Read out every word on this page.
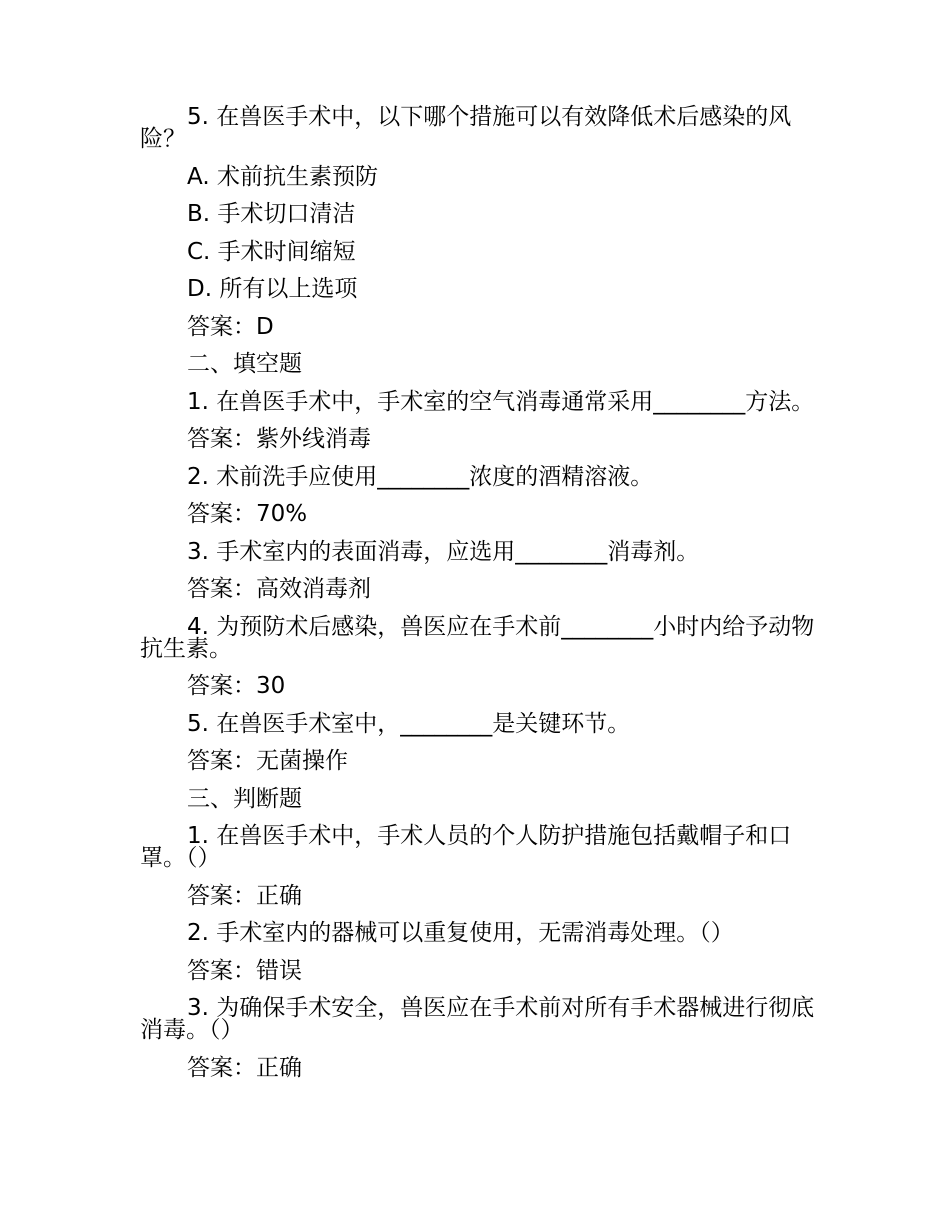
5. 在兽医手术中，以下哪个措施可以有效降低术后感染的风险？

A. 术前抗生素预防

B. 手术切口清洁

C. 手术时间缩短

D. 所有以上选项

答案：D

二、填空题

1. 在兽医手术中，手术室的空气消毒通常采用________方法。

答案：紫外线消毒

2. 术前洗手应使用________浓度的酒精溶液。

答案：70%

3. 手术室内的表面消毒，应选用________消毒剂。

答案：高效消毒剂

4. 为预防术后感染，兽医应在手术前________小时内给予动物抗生素。

答案：30

5. 在兽医手术室中，________是关键环节。

答案：无菌操作

三、判断题

1. 在兽医手术中，手术人员的个人防护措施包括戴帽子和口罩。（）

答案：正确

2. 手术室内的器械可以重复使用，无需消毒处理。（）

答案：错误

3. 为确保手术安全，兽医应在手术前对所有手术器械进行彻底消毒。（）

答案：正确
